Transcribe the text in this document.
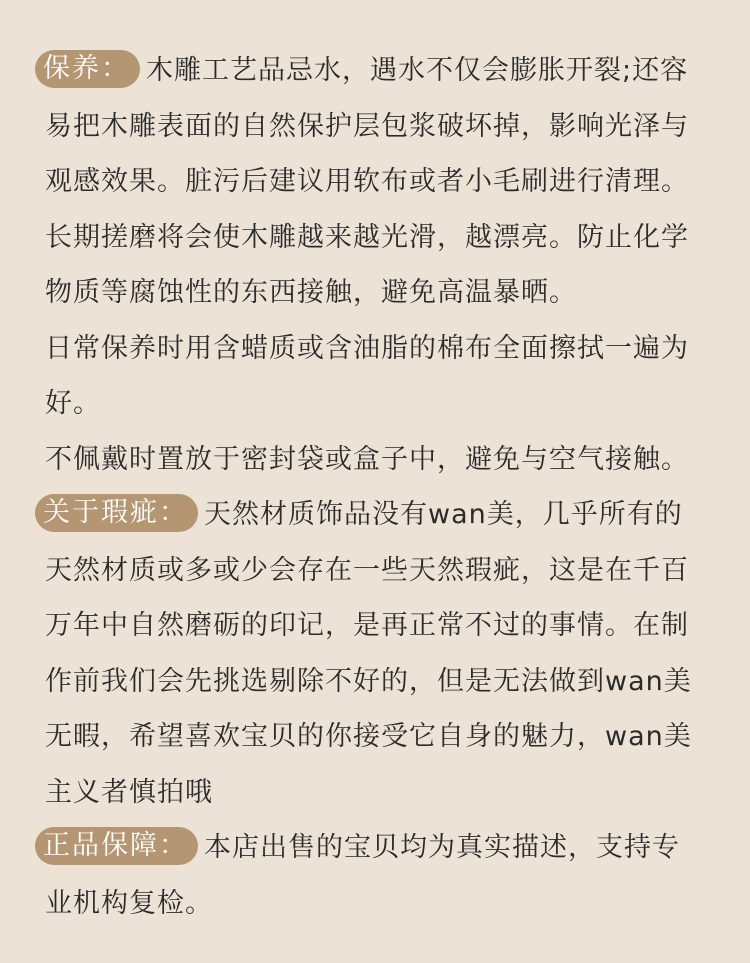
保养： 木雕工艺品忌水，遇水不仅会膨胀开裂;还容
易把木雕表面的自然保护层包浆破坏掉，影响光泽与
观感效果。脏污后建议用软布或者小毛刷进行清理。
长期搓磨将会使木雕越来越光滑，越漂亮。防止化学
物质等腐蚀性的东西接触，避免高温暴晒。
日常保养时用含蜡质或含油脂的棉布全面擦拭一遍为
好。
不佩戴时置放于密封袋或盒子中，避免与空气接触。
关于瑕疵： 天然材质饰品没有wan美，几乎所有的
天然材质或多或少会存在一些天然瑕疵，这是在千百
万年中自然磨砺的印记，是再正常不过的事情。在制
作前我们会先挑选剔除不好的，但是无法做到wan美
无暇，希望喜欢宝贝的你接受它自身的魅力，wan美
主义者慎拍哦
正品保障： 本店出售的宝贝均为真实描述，支持专
业机构复检。
